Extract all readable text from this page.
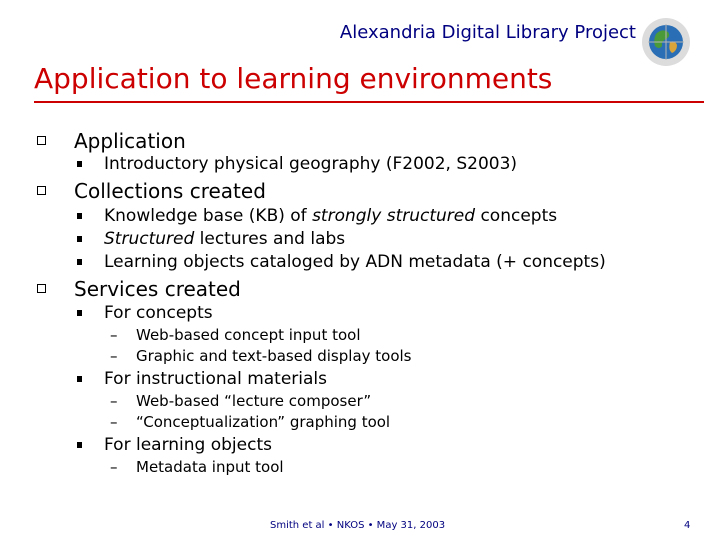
Alexandria Digital Library Project
Application to learning environments
Application
Introductory physical geography (F2002, S2003)
Collections created
Knowledge base (KB) of strongly structured concepts
Structured lectures and labs
Learning objects cataloged by ADN metadata (+ concepts)
Services created
For concepts
– Web-based concept input tool
– Graphic and text-based display tools
For instructional materials
– Web-based “lecture composer”
– “Conceptualization” graphing tool
For learning objects
– Metadata input tool
Smith et al • NKOS • May 31, 2003	4
